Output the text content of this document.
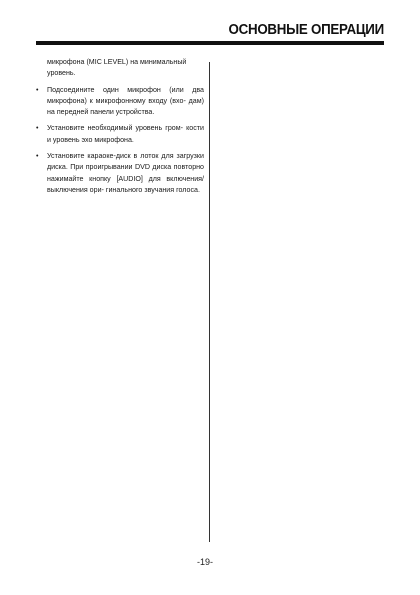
ОСНОВНЫЕ ОПЕРАЦИИ

микрофона (MIC LEVEL) на минимальный уровень.

• Подсоедините один микрофон (или два микрофона) к микрофонному входу (вхо- дам) на передней панели устройства.
• Установите необходимый уровень гром- кости и уровень эхо микрофона.
• Установите караоке-диск в лоток для загрузки диска. При проигрывании DVD диска повторно нажимайте кнопку [AUDIO] для включения/выключения ори- гинального звучания голоса.
-19-
